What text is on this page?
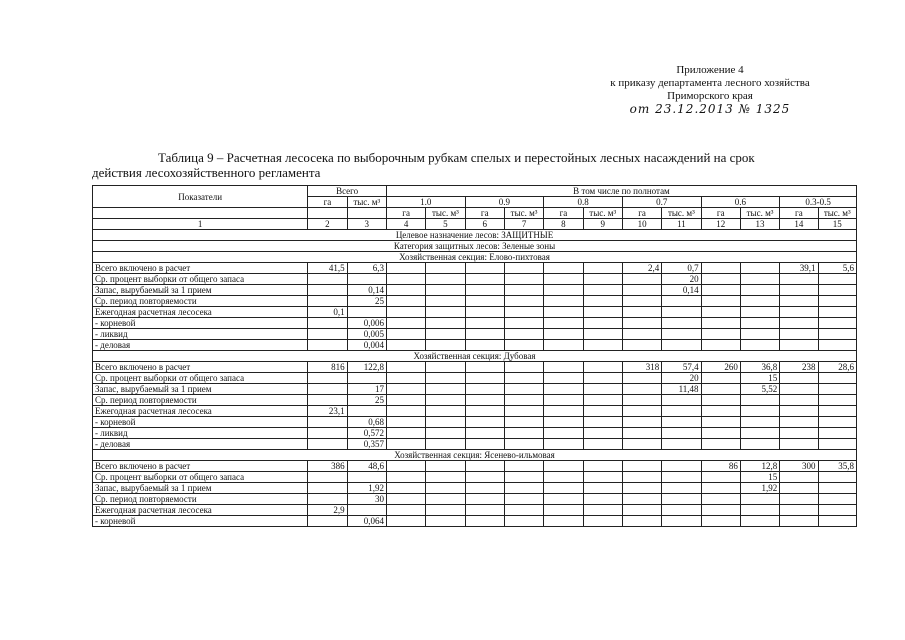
Приложение 4
к приказу департамента лесного хозяйства
Приморского края
от 23.12.2013 № 1325
Таблица 9 – Расчетная лесосека по выборочным рубкам спелых и перестойных лесных насаждений на срок
действия лесохозяйственного регламента
Показатели	Всего		В том числе по полнотам											
	га	тыс. м³	1.0		0.9		0.8		0.7		0.6		0.3-0.5	
			га	тыс. м³	га	тыс. м³	га	тыс. м³	га	тыс. м³	га	тыс. м³	га	тыс. м³
1	2	3	4	5	6	7	8	9	10	11	12	13	14	15
Целевое назначение лесов: ЗАЩИТНЫЕ														
Категория защитных лесов: Зеленые зоны														
Хозяйственная секция: Елово-пихтовая														
Всего включено в расчет	41,5	6,3							2,4	0,7			39,1	5,6
Ср. процент выборки от общего запаса										20				
Запас, вырубаемый за 1 прием		0,14								0,14				
Ср. период повторяемости		25												
Ежегодная расчетная лесосека	0,1													
- корневой		0,006												
- ликвид		0,005												
- деловая		0,004												
Хозяйственная секция: Дубовая														
Всего включено в расчет	816	122,8							318	57,4	260	36,8	238	28,6
Ср. процент выборки от общего запаса										20		15		
Запас, вырубаемый за 1 прием		17								11,48		5,52		
Ср. период повторяемости		25												
Ежегодная расчетная лесосека	23,1													
- корневой		0,68												
- ликвид		0,572												
- деловая		0,357												
Хозяйственная секция: Ясеневo-ильмовая														
Всего включено в расчет	386	48,6									86	12,8	300	35,8
Ср. процент выборки от общего запаса												15		
Запас, вырубаемый за 1 прием		1,92										1,92		
Ср. период повторяемости		30												
Ежегодная расчетная лесосека	2,9													
- корневой		0,064												
